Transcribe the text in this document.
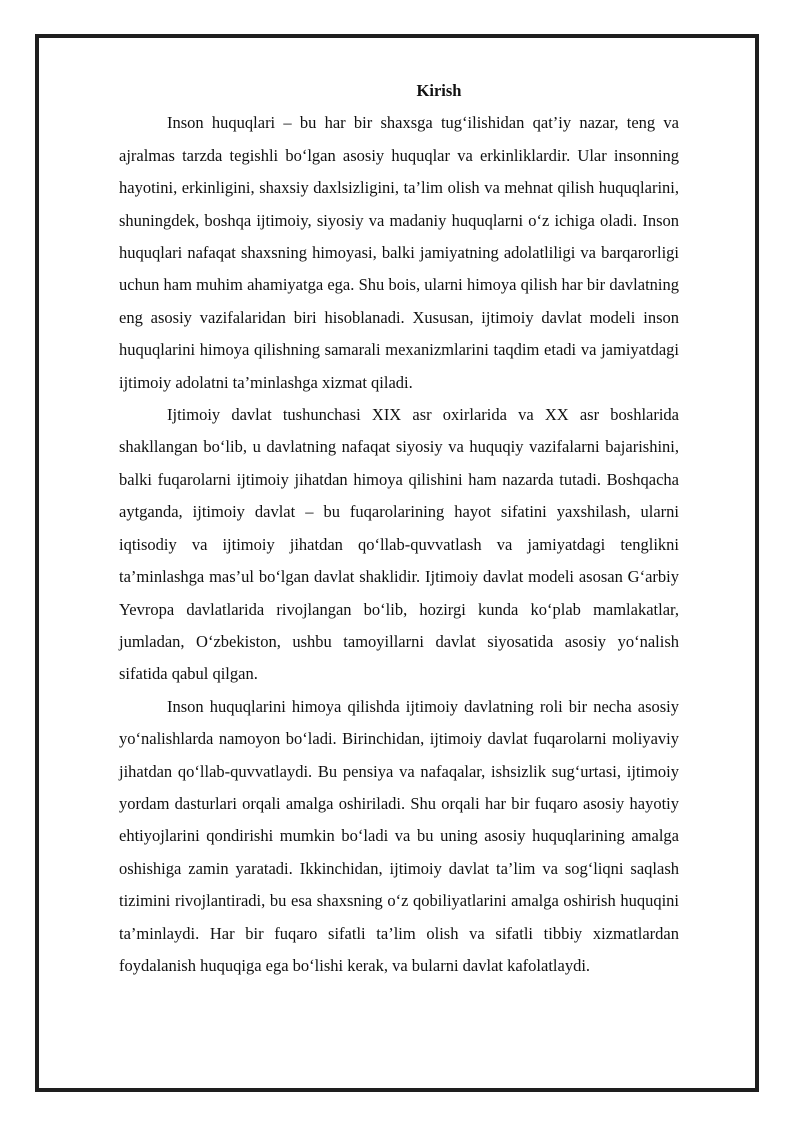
Kirish

Inson huquqlari – bu har bir shaxsga tug‘ilishidan qat’iy nazar, teng va ajralmas tarzda tegishli bo‘lgan asosiy huquqlar va erkinliklardir. Ular insonning hayotini, erkinligini, shaxsiy daxlsizligini, ta’lim olish va mehnat qilish huquqlarini, shuningdek, boshqa ijtimoiy, siyosiy va madaniy huquqlarni o‘z ichiga oladi. Inson huquqlari nafaqat shaxsning himoyasi, balki jamiyatning adolatliligi va barqarorligi uchun ham muhim ahamiyatga ega. Shu bois, ularni himoya qilish har bir davlatning eng asosiy vazifalaridan biri hisoblanadi. Xususan, ijtimoiy davlat modeli inson huquqlarini himoya qilishning samarali mexanizmlarini taqdim etadi va jamiyatdagi ijtimoiy adolatni ta’minlashga xizmat qiladi.

Ijtimoiy davlat tushunchasi XIX asr oxirlarida va XX asr boshlarida shakllangan bo‘lib, u davlatning nafaqat siyosiy va huquqiy vazifalarni bajarishini, balki fuqarolarni ijtimoiy jihatdan himoya qilishini ham nazarda tutadi. Boshqacha aytganda, ijtimoiy davlat – bu fuqarolarining hayot sifatini yaxshilash, ularni iqtisodiy va ijtimoiy jihatdan qo‘llab-quvvatlash va jamiyatdagi tenglikni ta’minlashga mas’ul bo‘lgan davlat shaklidir. Ijtimoiy davlat modeli asosan G‘arbiy Yevropa davlatlarida rivojlangan bo‘lib, hozirgi kunda ko‘plab mamlakatlar, jumladan, O‘zbekiston, ushbu tamoyillarni davlat siyosatida asosiy yo‘nalish sifatida qabul qilgan.

Inson huquqlarini himoya qilishda ijtimoiy davlatning roli bir necha asosiy yo‘nalishlarda namoyon bo‘ladi. Birinchidan, ijtimoiy davlat fuqarolarni moliyaviy jihatdan qo‘llab-quvvatlaydi. Bu pensiya va nafaqalar, ishsizlik sug‘urtasi, ijtimoiy yordam dasturlari orqali amalga oshiriladi. Shu orqali har bir fuqaro asosiy hayotiy ehtiyojlarini qondirishi mumkin bo‘ladi va bu uning asosiy huquqlarining amalga oshishiga zamin yaratadi. Ikkinchidan, ijtimoiy davlat ta’lim va sog‘liqni saqlash tizimini rivojlantiradi, bu esa shaxsning o‘z qobiliyatlarini amalga oshirish huquqini ta’minlaydi. Har bir fuqaro sifatli ta’lim olish va sifatli tibbiy xizmatlardan foydalanish huquqiga ega bo‘lishi kerak, va bularni davlat kafolatlaydi.
